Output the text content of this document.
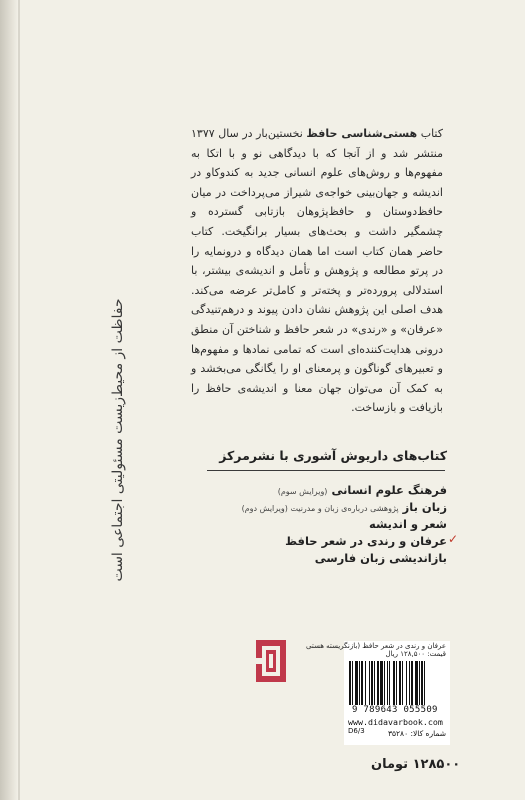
حفاظت از محیط‌زیست مسئولیتی اجتماعی است

کتاب هستی‌شناسی حافظ نخستین‌بار در سال ۱۳۷۷ منتشر شد و از آنجا که با دیدگاهی نو و با اتکا به مفهوم‌ها و روش‌های علوم انسانی جدید به کندوکاو در اندیشه و جهان‌بینی خواجه‌ی شیراز می‌پرداخت در میان حافظ‌دوستان و حافظ‌پژوهان بازتابی گسترده و چشمگیر داشت و بحث‌های بسیار برانگیخت. کتاب حاضر همان کتاب است اما همان دیدگاه و درونمایه را در پرتو مطالعه و پژوهش و تأمل و اندیشه‌ی بیشتر، با استدلالی پرورده‌تر و پخته‌تر و کامل‌تر عرضه می‌کند. هدف اصلی این پژوهش نشان دادن پیوند و درهم‌تنیدگی «عرفان» و «رندی» در شعر حافظ و شناختن آن منطق درونی هدایت‌کننده‌ای است که تمامی نمادها و مفهوم‌ها و تعبیرهای گوناگون و پرمعنای او را یگانگی می‌بخشد و به کمک آن می‌توان جهان معنا و اندیشه‌ی حافظ را بازیافت و بازساخت.

کتاب‌های داریوش آشوری با نشرمرکز
فرهنگ علوم انسانی(ویرایش سوم)
زبان بازپژوهشی درباره‌ی زبان و مدرنیت (ویرایش دوم)
شعر و اندیشه
✓
عرفان و رندی در شعر حافظ
بازاندیشی زبان فارسی
عرفان و رندی در شعر حافظ (بازنگریسته هستی
قیمت: ۱۲۸,۵۰۰ ریال
9 789643 055509
www.didavarbook.com
D6/3	شماره کالا: ۳۵۲۸۰
۱۲۸۵۰۰ تومان
